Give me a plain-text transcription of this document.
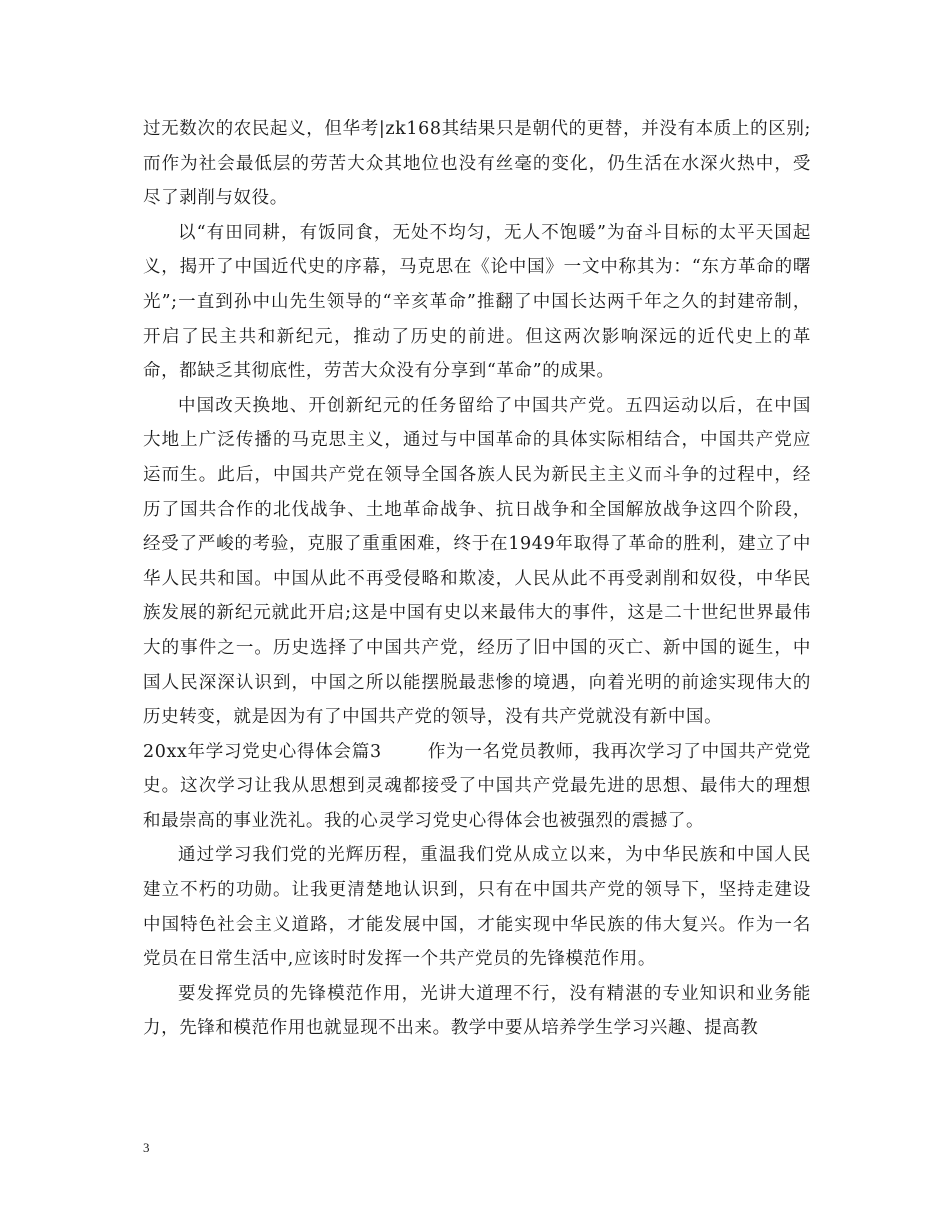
过无数次的农民起义，但华考|zk168其结果只是朝代的更替，并没有本质上的区别;而作为社会最低层的劳苦大众其地位也没有丝毫的变化，仍生活在水深火热中，受尽了剥削与奴役。

以“有田同耕，有饭同食，无处不均匀，无人不饱暖”为奋斗目标的太平天国起义，揭开了中国近代史的序幕，马克思在《论中国》一文中称其为：“东方革命的曙光”;一直到孙中山先生领导的“辛亥革命”推翻了中国长达两千年之久的封建帝制，开启了民主共和新纪元，推动了历史的前进。但这两次影响深远的近代史上的革命，都缺乏其彻底性，劳苦大众没有分享到“革命”的成果。

中国改天换地、开创新纪元的任务留给了中国共产党。五四运动以后，在中国大地上广泛传播的马克思主义，通过与中国革命的具体实际相结合，中国共产党应运而生。此后，中国共产党在领导全国各族人民为新民主主义而斗争的过程中，经历了国共合作的北伐战争、土地革命战争、抗日战争和全国解放战争这四个阶段，经受了严峻的考验，克服了重重困难，终于在1949年取得了革命的胜利，建立了中华人民共和国。中国从此不再受侵略和欺凌，人民从此不再受剥削和奴役，中华民族发展的新纪元就此开启;这是中国有史以来最伟大的事件，这是二十世纪世界最伟大的事件之一。历史选择了中国共产党，经历了旧中国的灭亡、新中国的诞生，中国人民深深认识到，中国之所以能摆脱最悲惨的境遇，向着光明的前途实现伟大的历史转变，就是因为有了中国共产党的领导，没有共产党就没有新中国。

20xx年学习党史心得体会篇3	作为一名党员教师，我再次学习了中国共产党党史。这次学习让我从思想到灵魂都接受了中国共产党最先进的思想、最伟大的理想和最崇高的事业洗礼。我的心灵学习党史心得体会也被强烈的震撼了。

通过学习我们党的光辉历程，重温我们党从成立以来，为中华民族和中国人民建立不朽的功勋。让我更清楚地认识到，只有在中国共产党的领导下，坚持走建设中国特色社会主义道路，才能发展中国，才能实现中华民族的伟大复兴。作为一名党员在日常生活中,应该时时发挥一个共产党员的先锋模范作用。

要发挥党员的先锋模范作用，光讲大道理不行，没有精湛的专业知识和业务能力，先锋和模范作用也就显现不出来。教学中要从培养学生学习兴趣、提高教

3
